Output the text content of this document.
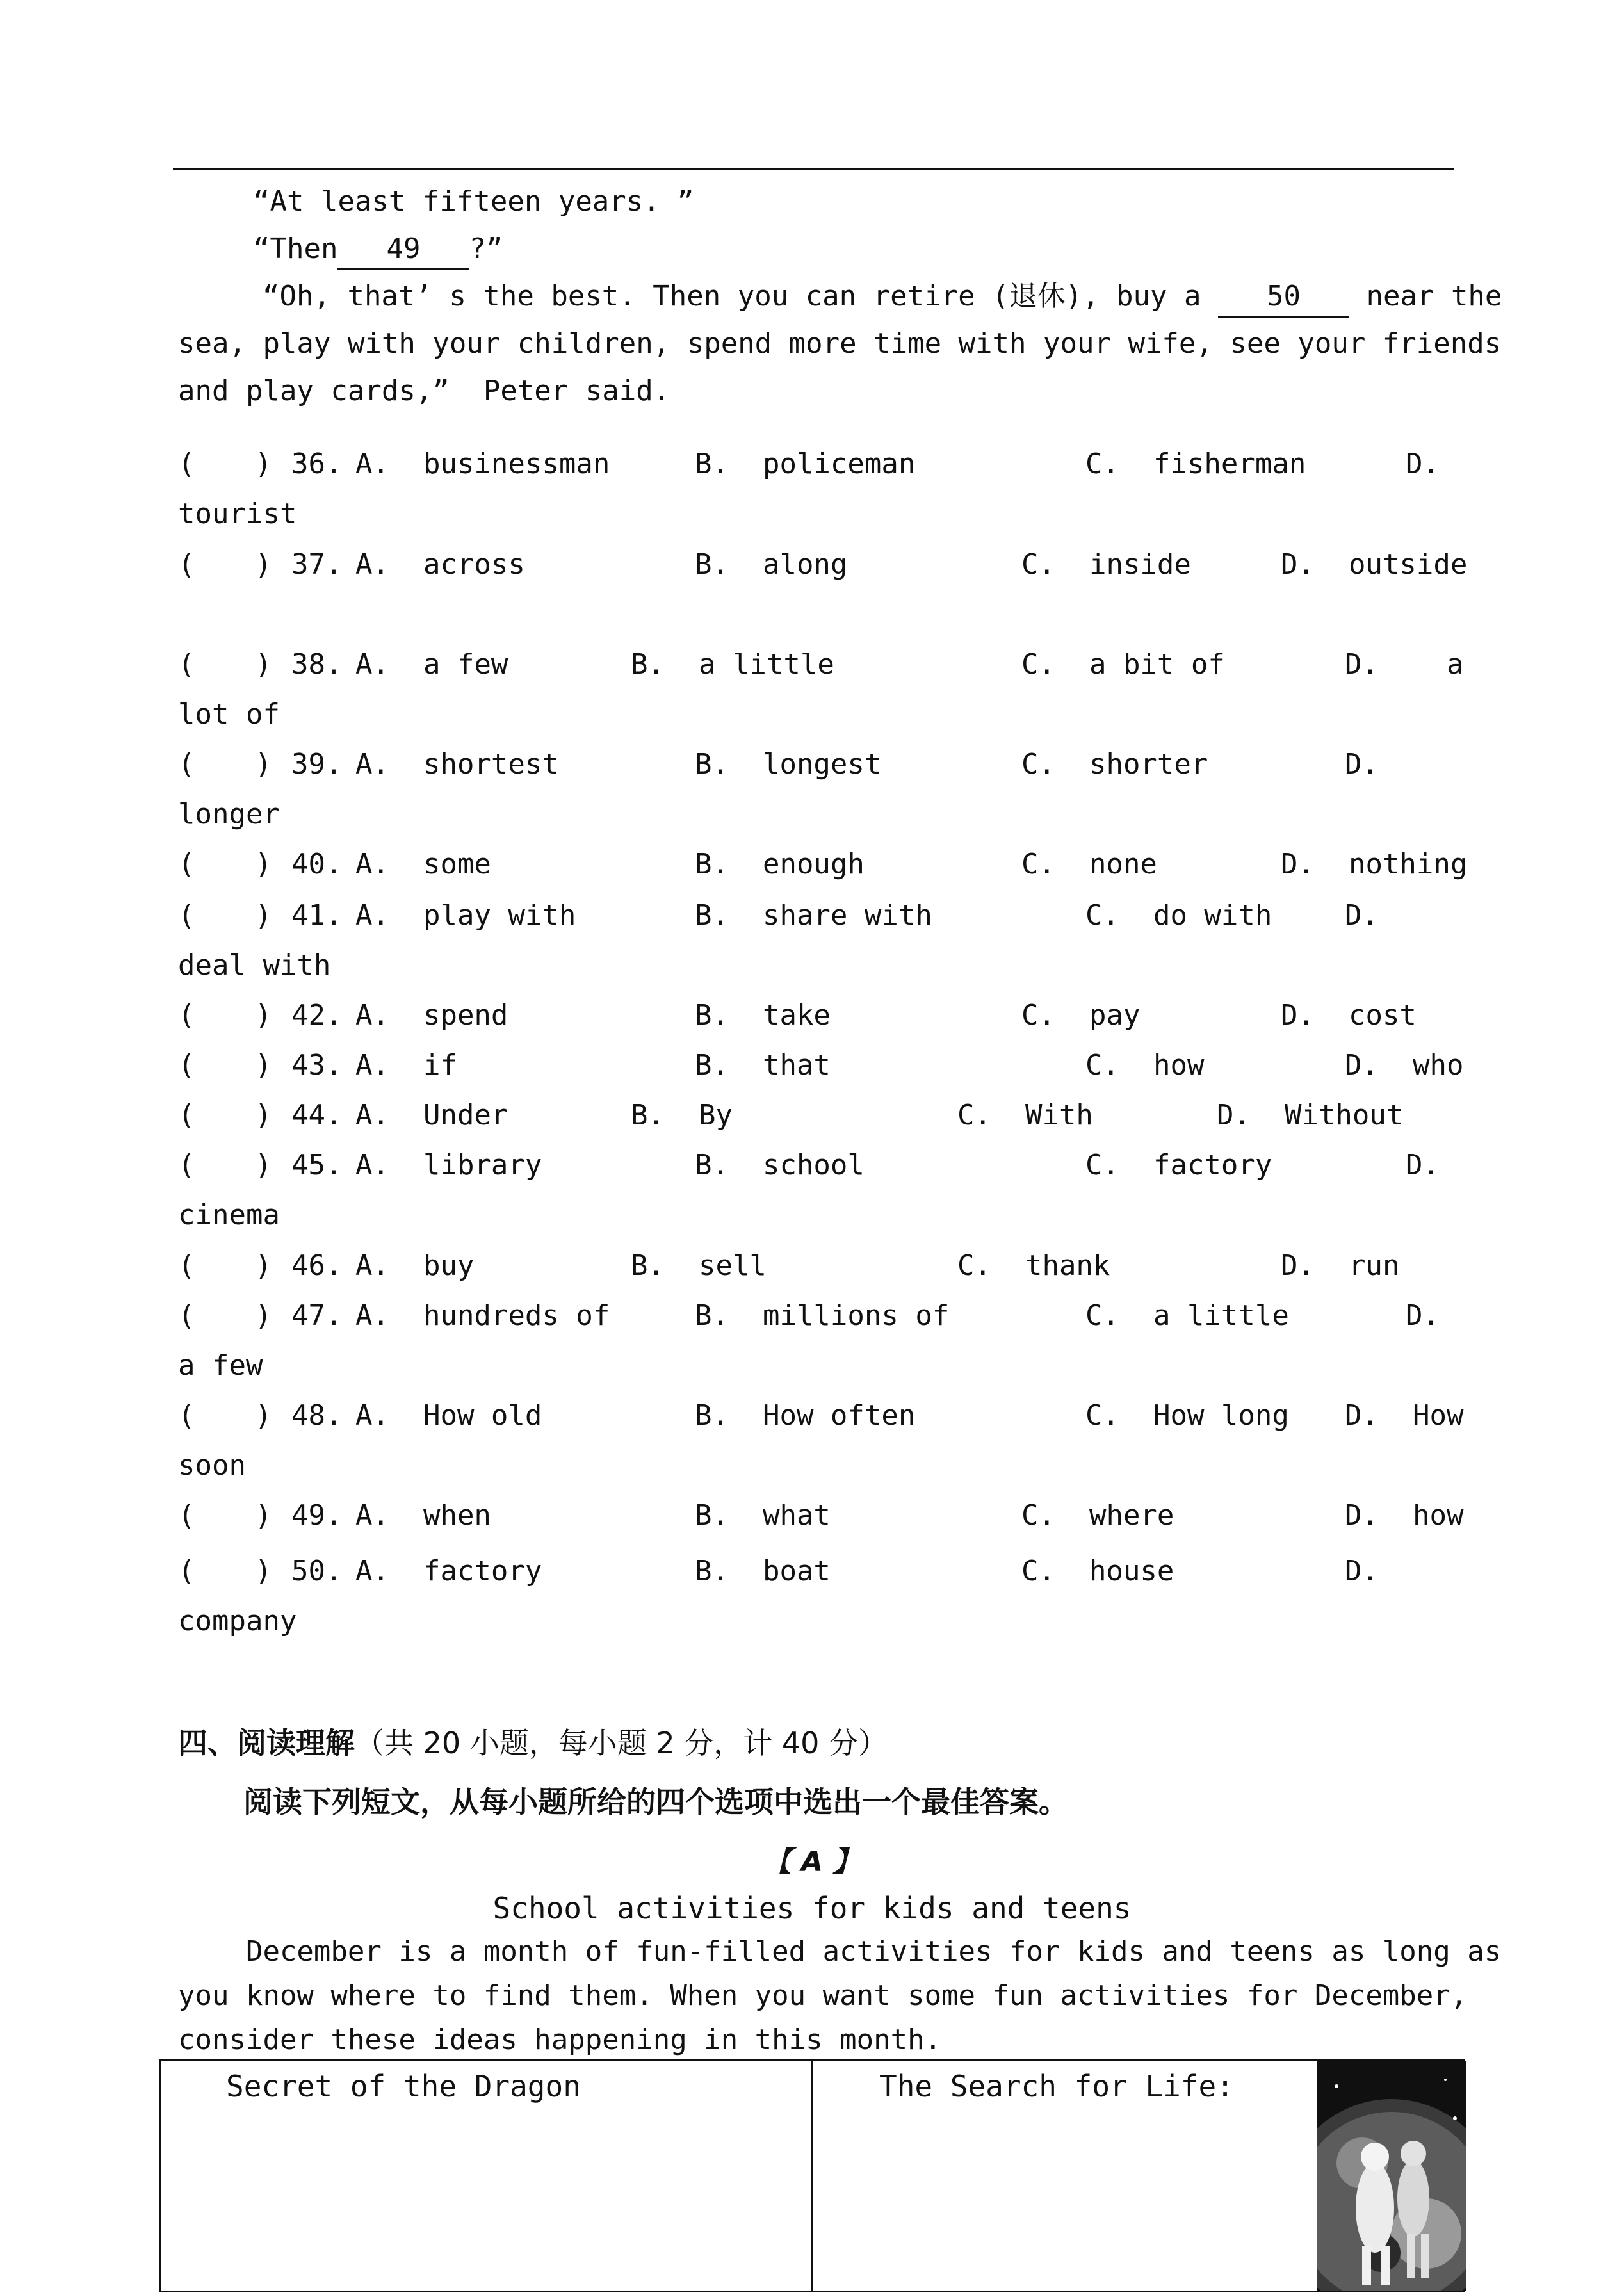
“At least fifteen years. ”
“Then 49 ?”
“Oh, that’ s the best. Then you can retire (退休), buy a 50 near the
sea, play with your children, spend more time with your wife, see your friends
and play cards,”  Peter said.
( ) 36. A.  businessman	B.  policeman	C.  fisherman	D.
tourist
( ) 37. A.  across	B.  along	C.  inside	D.  outside
( ) 38. A.  a few	B.  a little	C.  a bit of	D.    a
lot of
( ) 39. A.  shortest	B.  longest	C.  shorter	D.
longer
( ) 40. A.  some	B.  enough	C.  none	D.  nothing
( ) 41. A.  play with	B.  share with	C.  do with	D.
deal with
( ) 42. A.  spend	B.  take	C.  pay	D.  cost
( ) 43. A.  if	B.  that	C.  how	D.  who
( ) 44. A.  Under	B.  By	C.  With	D.  Without
( ) 45. A.  library	B.  school	C.  factory	D.
cinema
( ) 46. A.  buy	B.  sell	C.  thank	D.  run
( ) 47. A.  hundreds of	B.  millions of	C.  a little	D.
a few
( ) 48. A.  How old	B.  How often	C.  How long D.  How
soon
( ) 49. A.  when	B.  what	C.  where	D.  how
( ) 50. A.  factory	B.  boat	C.  house	D.
company
四、阅读理解（共 20 小题，每小题 2 分，计 40 分）
阅读下列短文，从每小题所给的四个选项中选出一个最佳答案。
【 A 】
School activities for kids and teens
December is a month of fun-filled activities for kids and teens as long as
you know where to find them. When you want some fun activities for December,
consider these ideas happening in this month.
Secret of the Dragon	The Search for Life:
